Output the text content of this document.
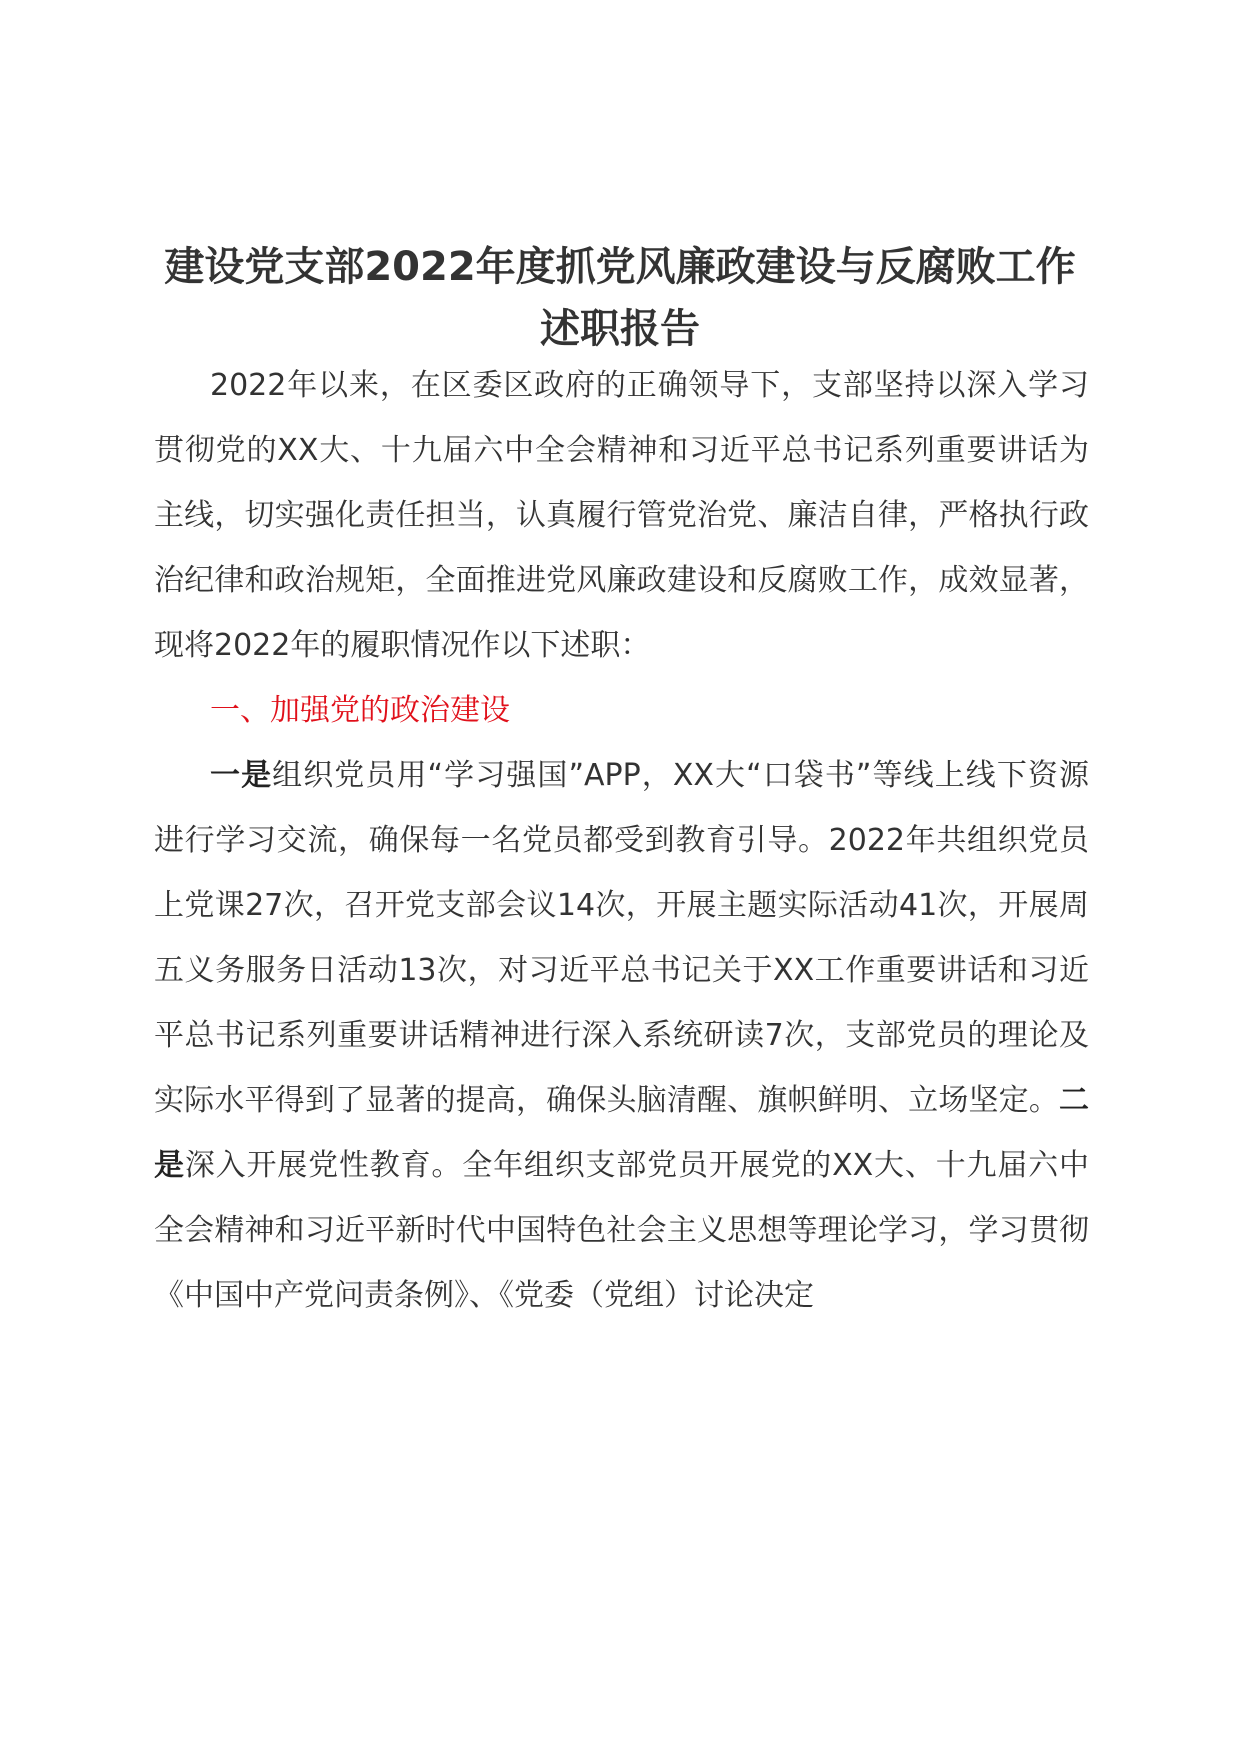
建设党支部2022年度抓党风廉政建设与反腐败工作述职报告

2022年以来，在区委区政府的正确领导下，支部坚持以深入学习贯彻党的XX大、十九届六中全会精神和习近平总书记系列重要讲话为主线，切实强化责任担当，认真履行管党治党、廉洁自律，严格执行政治纪律和政治规矩，全面推进党风廉政建设和反腐败工作，成效显著，现将2022年的履职情况作以下述职：

一、加强党的政治建设

一是组织党员用“学习强国”APP，XX大“口袋书”等线上线下资源进行学习交流，确保每一名党员都受到教育引导。2022年共组织党员上党课27次，召开党支部会议14次，开展主题实际活动41次，开展周五义务服务日活动13次，对习近平总书记关于XX工作重要讲话和习近平总书记系列重要讲话精神进行深入系统研读7次，支部党员的理论及实际水平得到了显著的提高，确保头脑清醒、旗帜鲜明、立场坚定。二是深入开展党性教育。全年组织支部党员开展党的XX大、十九届六中全会精神和习近平新时代中国特色社会主义思想等理论学习，学习贯彻《中国中产党问责条例》、《党委（党组）讨论决定
